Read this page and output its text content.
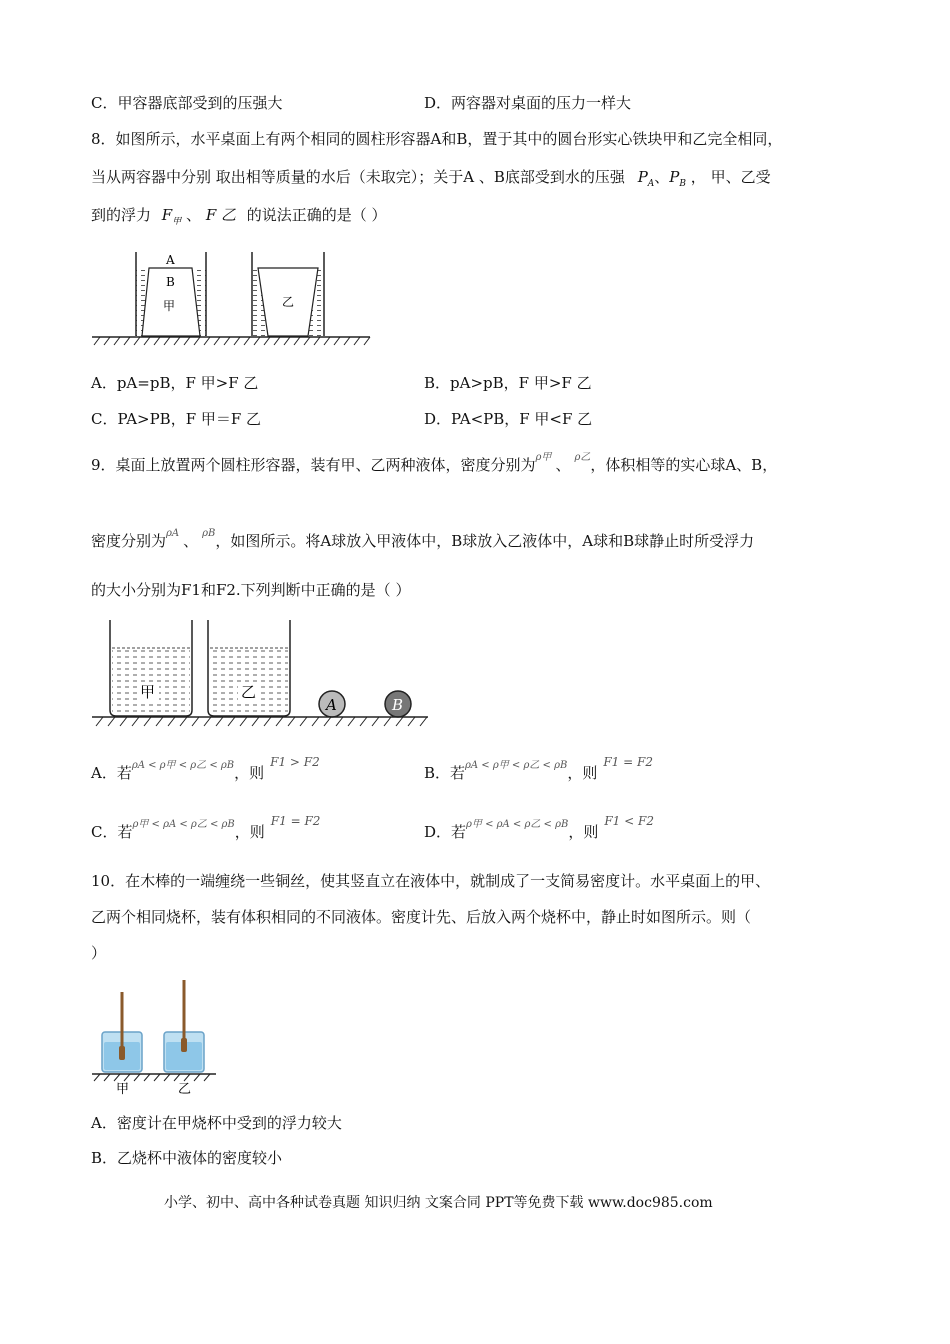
C．甲容器底部受到的压强大	D．两容器对桌面的压力一样大
8．如图所示，水平桌面上有两个相同的圆柱形容器A和B，置于其中的圆台形实心铁块甲和乙完全相同，
当从两容器中分别 取出相等质量的水后（未取完）；关于A 、B底部受到水的压强 $P_A$、$P_B$ ， 甲、乙受
到的浮力 $F_甲$ 、 F 乙 的说法正确的是（ ）
A
B
甲	乙
A．pA=pB，F 甲>F 乙	B．pA>pB，F 甲>F 乙
C．PA>PB，F 甲＝F 乙	D．PA<PB，F 甲<F 乙
9．桌面上放置两个圆柱形容器，装有甲、乙两种液体，密度分别为$^{\rho 甲}$ 、 $^{\rho 乙}$，体积相等的实心球A、B，
密度分别为$^{\rho A}$ 、 $^{\rho B}$，如图所示。将A球放入甲液体中，B球放入乙液体中，A球和B球静止时所受浮力
的大小分别为F1和F2.下列判断中正确的是（ ）
甲	乙
A	B
A．若$^{\rho A < \rho 甲 < \rho 乙 < \rho B}$，则$^{F1 > F2}$
B．若$^{\rho A < \rho 甲 < \rho 乙 < \rho B}$，则$^{F1 = F2}$
C．若$^{\rho 甲 < \rho A < \rho 乙 < \rho B}$，则$^{F1 = F2}$
D．若$^{\rho 甲 < \rho A < \rho 乙 < \rho B}$，则$^{F1 < F2}$
10．在木棒的一端缠绕一些铜丝，使其竖直立在液体中，就制成了一支简易密度计。水平桌面上的甲、
乙两个相同烧杯，装有体积相同的不同液体。密度计先、后放入两个烧杯中，静止时如图所示。则（
）
甲	乙
A．密度计在甲烧杯中受到的浮力较大
B．乙烧杯中液体的密度较小
小学、初中、高中各种试卷真题 知识归纳 文案合同 PPT等免费下载 www.doc985.com
